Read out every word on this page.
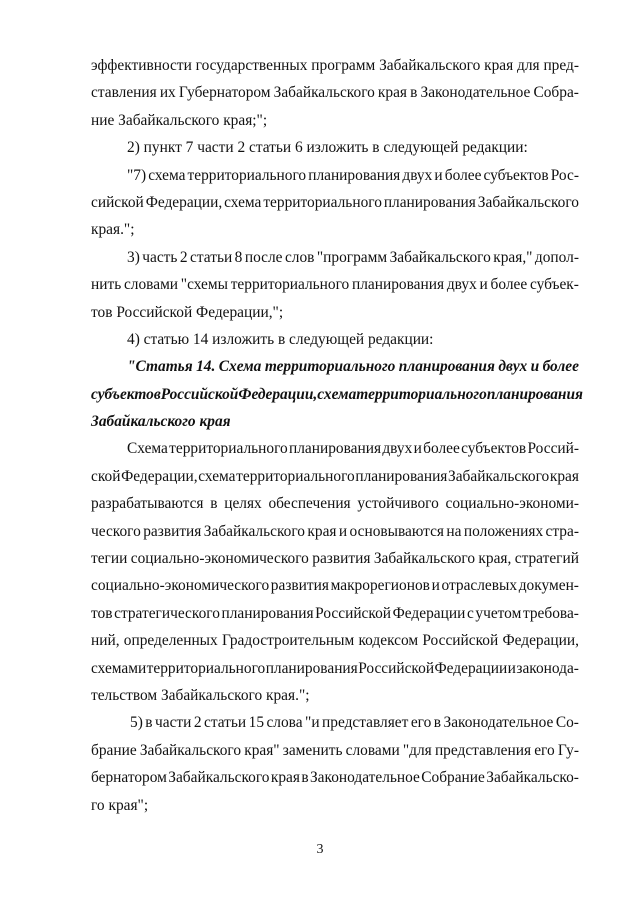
эффективности государственных программ Забайкальского края для пред-
ставления их Губернатором Забайкальского края в Законодательное Собра-
ние Забайкальского края;";
2) пункт 7 части 2 статьи 6 изложить в следующей редакции:
"7) схема территориального планирования двух и более субъектов Рос-
сийской Федерации, схема территориального планирования Забайкальского
края.";
3) часть 2 статьи 8 после слов "программ Забайкальского края," допол-
нить словами "схемы территориального планирования двух и более субъек-
тов Российской Федерации,";
4) статью 14 изложить в следующей редакции:
"Статья 14. Схема территориального планирования двух и более
субъектов Российской Федерации, схема территориального планирования
Забайкальского края
Схема территориального планирования двух и более субъектов Россий-
ской Федерации, схема территориального планирования Забайкальского края
разрабатываются в целях обеспечения устойчивого социально-экономи-
ческого развития Забайкальского края и основываются на положениях стра-
тегии социально-экономического развития Забайкальского края, стратегий
социально-экономического развития макрорегионов и отраслевых докумен-
тов стратегического планирования Российской Федерации с учетом требова-
ний, определенных Градостроительным кодексом Российской Федерации,
схемами территориального планирования Российской Федерации и законода-
тельством Забайкальского края.";
5) в части 2 статьи 15 слова "и представляет его в Законодательное Со-
брание Забайкальского края" заменить словами "для представления его Гу-
бернатором Забайкальского края в Законодательное Собрание Забайкальско-
го края";
3
